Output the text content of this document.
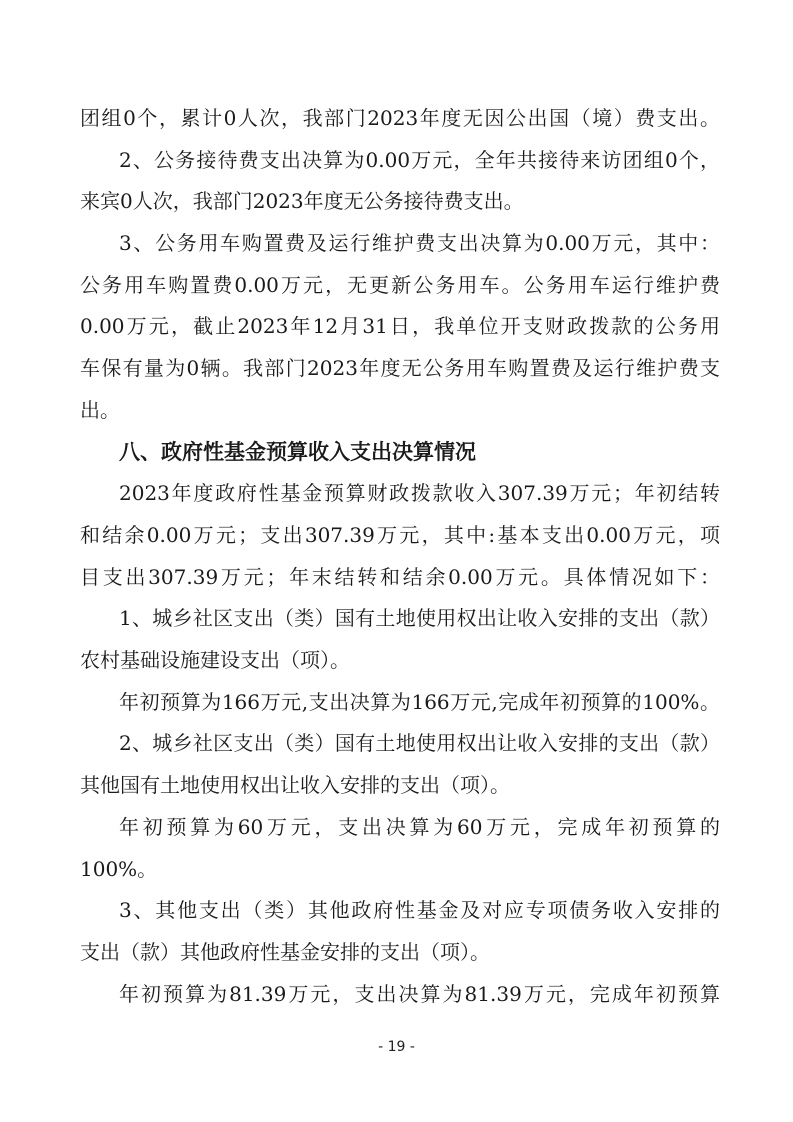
团组0个，累计0人次，我部门2023年度无因公出国（境）费支出。
2、公务接待费支出决算为0.00万元，全年共接待来访团组0个，
来宾0人次，我部门2023年度无公务接待费支出。
3、公务用车购置费及运行维护费支出决算为0.00万元，其中：
公务用车购置费0.00万元，无更新公务用车。公务用车运行维护费
0.00万元，截止2023年12月31日，我单位开支财政拨款的公务用
车保有量为0辆。我部门2023年度无公务用车购置费及运行维护费支
出。
八、政府性基金预算收入支出决算情况
2023年度政府性基金预算财政拨款收入307.39万元；年初结转
和结余0.00万元；支出307.39万元，其中:基本支出0.00万元，项
目支出307.39万元；年末结转和结余0.00万元。具体情况如下：
1、城乡社区支出（类）国有土地使用权出让收入安排的支出（款）
农村基础设施建设支出（项）。
年初预算为166万元,支出决算为166万元,完成年初预算的100%。
2、城乡社区支出（类）国有土地使用权出让收入安排的支出（款）
其他国有土地使用权出让收入安排的支出（项）。
年初预算为60万元，支出决算为60万元，完成年初预算的
100%。
3、其他支出（类）其他政府性基金及对应专项债务收入安排的
支出（款）其他政府性基金安排的支出（项）。
年初预算为81.39万元，支出决算为81.39万元，完成年初预算
- 19 -
